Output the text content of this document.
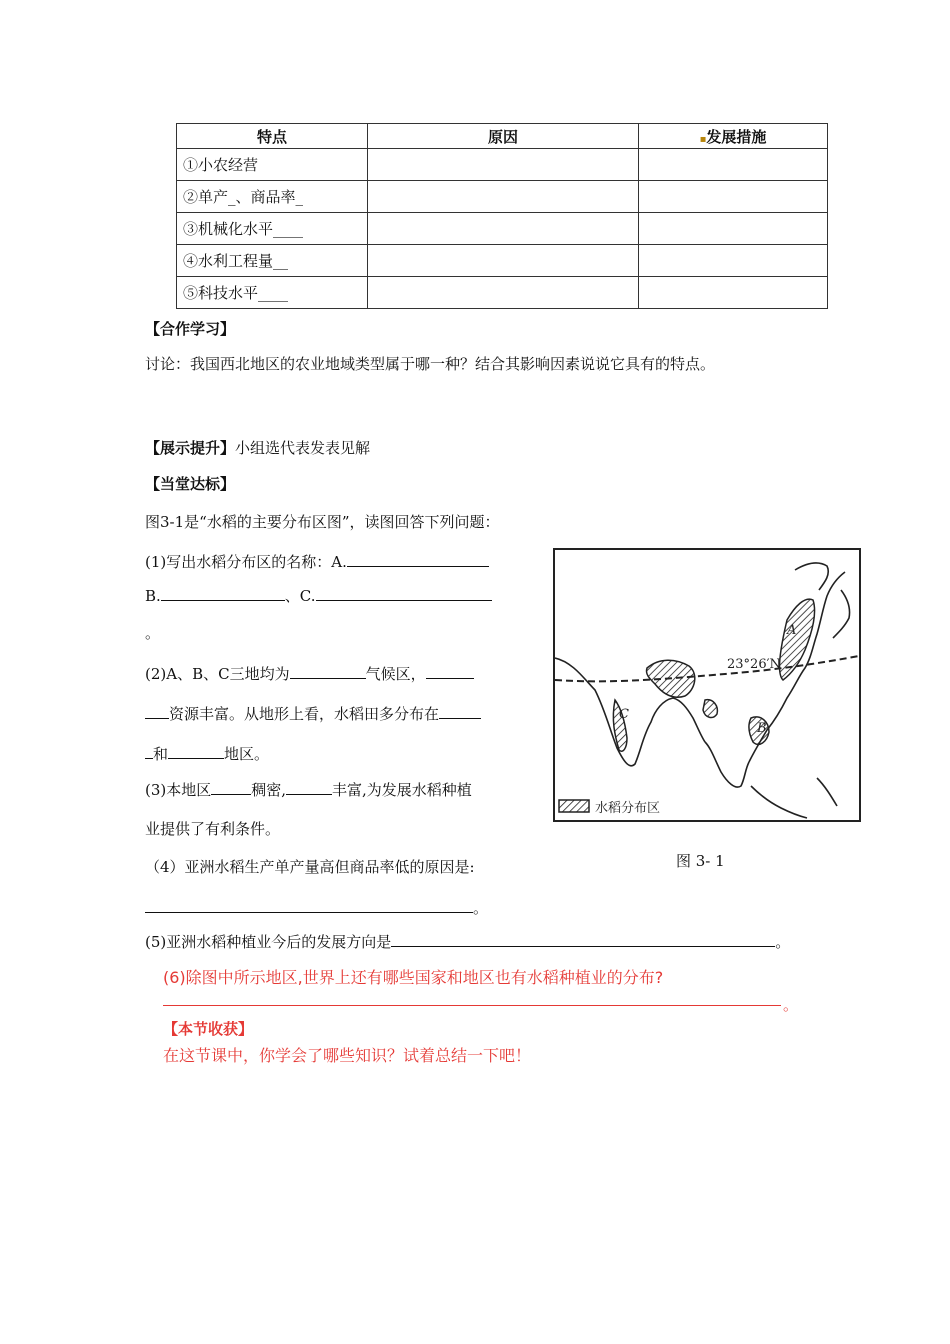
特点	原因	▪发展措施
①小农经营		
②单产_、商品率_		
③机械化水平____		
④水利工程量__		
⑤科技水平____		
【合作学习】
讨论：我国西北地区的农业地域类型属于哪一种？结合其影响因素说说它具有的特点。
【展示提升】小组选代表发表见解
【当堂达标】
图3-1是“水稻的主要分布区图”，读图回答下列问题：
(1)写出水稻分布区的名称：A.
B.	、C.
。
(2)A、B、C三地均为	气候区，
资源丰富。从地形上看，水稻田多分布在
和	地区。
(3)本地区	稠密,	丰富,为发展水稻种植
业提供了有利条件。
（4）亚洲水稻生产单产量高但商品率低的原因是:
。
(5)亚洲水稻种植业今后的发展方向是	。
(6)除图中所示地区,世界上还有哪些国家和地区也有水稻种植业的分布?
。
【本节收获】
在这节课中，你学会了哪些知识？试着总结一下吧！
23°26′N
A
B
C
水稻分布区
图 3- 1
